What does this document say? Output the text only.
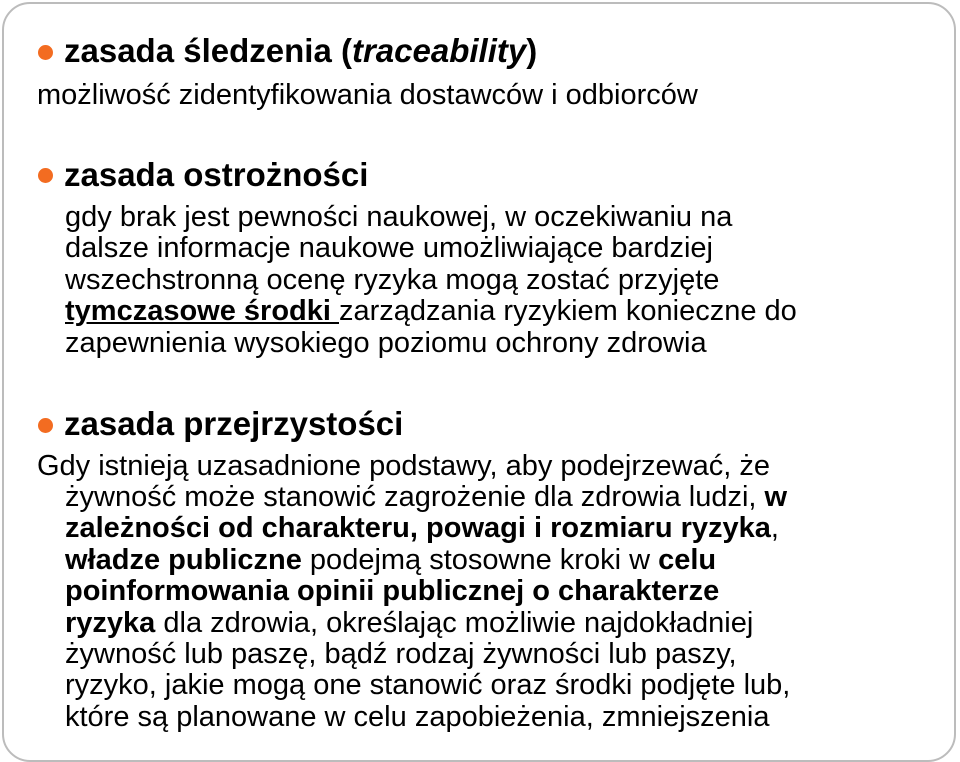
zasada śledzenia (traceability)
możliwość zidentyfikowania dostawców i odbiorców
zasada ostrożności
gdy brak jest pewności naukowej, w oczekiwaniu na
dalsze informacje naukowe umożliwiające bardziej
wszechstronną ocenę ryzyka mogą zostać przyjęte
tymczasowe środki zarządzania ryzykiem konieczne do
zapewnienia wysokiego poziomu ochrony zdrowia
zasada przejrzystości
Gdy istnieją uzasadnione podstawy, aby podejrzewać, że
żywność może stanowić zagrożenie dla zdrowia ludzi, w
zależności od charakteru, powagi i rozmiaru ryzyka,
władze publiczne podejmą stosowne kroki w celu
poinformowania opinii publicznej o charakterze
ryzyka dla zdrowia, określając możliwie najdokładniej
żywność lub paszę, bądź rodzaj żywności lub paszy,
ryzyko, jakie mogą one stanowić oraz środki podjęte lub,
które są planowane w celu zapobieżenia, zmniejszenia
